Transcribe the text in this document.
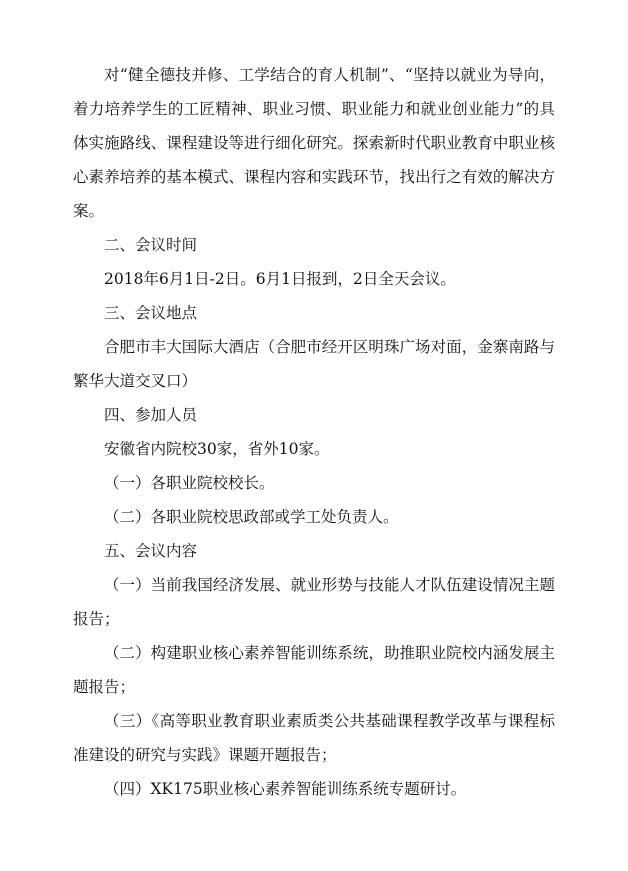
对“健全德技并修、工学结合的育人机制”、“坚持以就业为导向，着力培养学生的工匠精神、职业习惯、职业能力和就业创业能力”的具体实施路线、课程建设等进行细化研究。探索新时代职业教育中职业核心素养培养的基本模式、课程内容和实践环节，找出行之有效的解决方案。

二、会议时间

2018年6月1日-2日。6月1日报到，2日全天会议。

三、会议地点

合肥市丰大国际大酒店（合肥市经开区明珠广场对面，金寨南路与繁华大道交叉口）

四、参加人员

安徽省内院校30家，省外10家。

（一）各职业院校校长。

（二）各职业院校思政部或学工处负责人。

五、会议内容

（一）当前我国经济发展、就业形势与技能人才队伍建设情况主题报告；

（二）构建职业核心素养智能训练系统，助推职业院校内涵发展主题报告；

（三）《高等职业教育职业素质类公共基础课程教学改革与课程标准建设的研究与实践》课题开题报告；

（四）XK175职业核心素养智能训练系统专题研讨。
